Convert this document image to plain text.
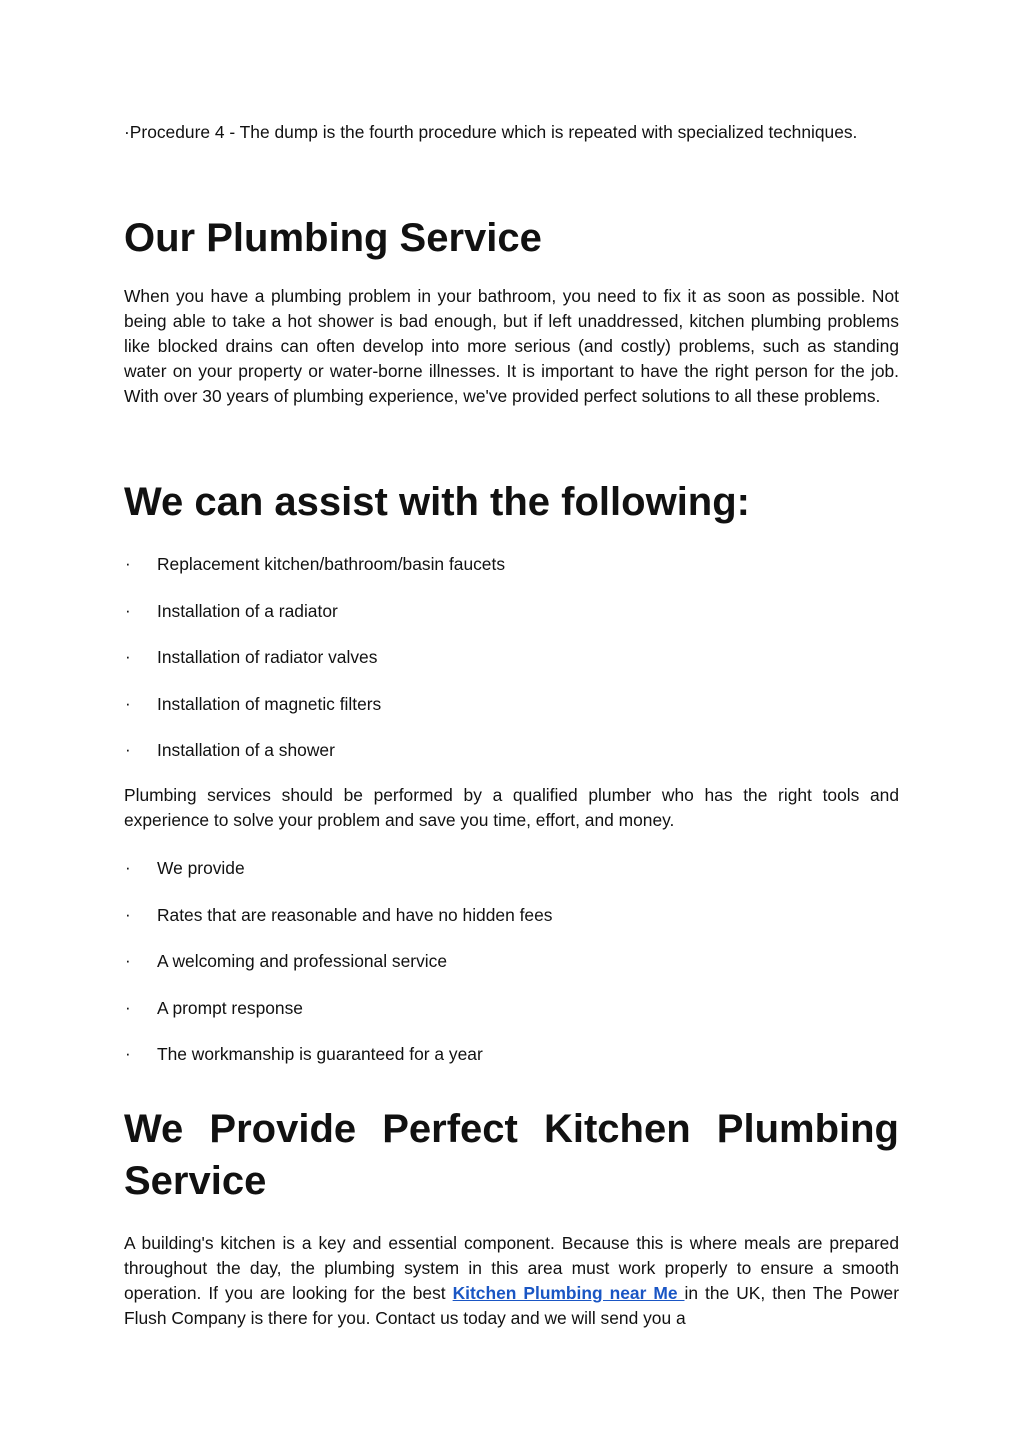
·Procedure 4 - The dump is the fourth procedure which is repeated with specialized techniques.

Our Plumbing Service

When you have a plumbing problem in your bathroom, you need to fix it as soon as possible. Not being able to take a hot shower is bad enough, but if left unaddressed, kitchen plumbing problems like blocked drains can often develop into more serious (and costly) problems, such as standing water on your property or water-borne illnesses. It is important to have the right person for the job. With over 30 years of plumbing experience, we've provided perfect solutions to all these problems.

We can assist with the following:
· Replacement kitchen/bathroom/basin faucets
· Installation of a radiator
· Installation of radiator valves
· Installation of magnetic filters
· Installation of a shower

Plumbing services should be performed by a qualified plumber who has the right tools and experience to solve your problem and save you time, effort, and money.

· We provide
· Rates that are reasonable and have no hidden fees
· A welcoming and professional service
· A prompt response
· The workmanship is guaranteed for a year
We Provide Perfect Kitchen Plumbing Service

A building's kitchen is a key and essential component. Because this is where meals are prepared throughout the day, the plumbing system in this area must work properly to ensure a smooth operation. If you are looking for the best Kitchen Plumbing near Me in the UK, then The Power Flush Company is there for you. Contact us today and we will send you a
